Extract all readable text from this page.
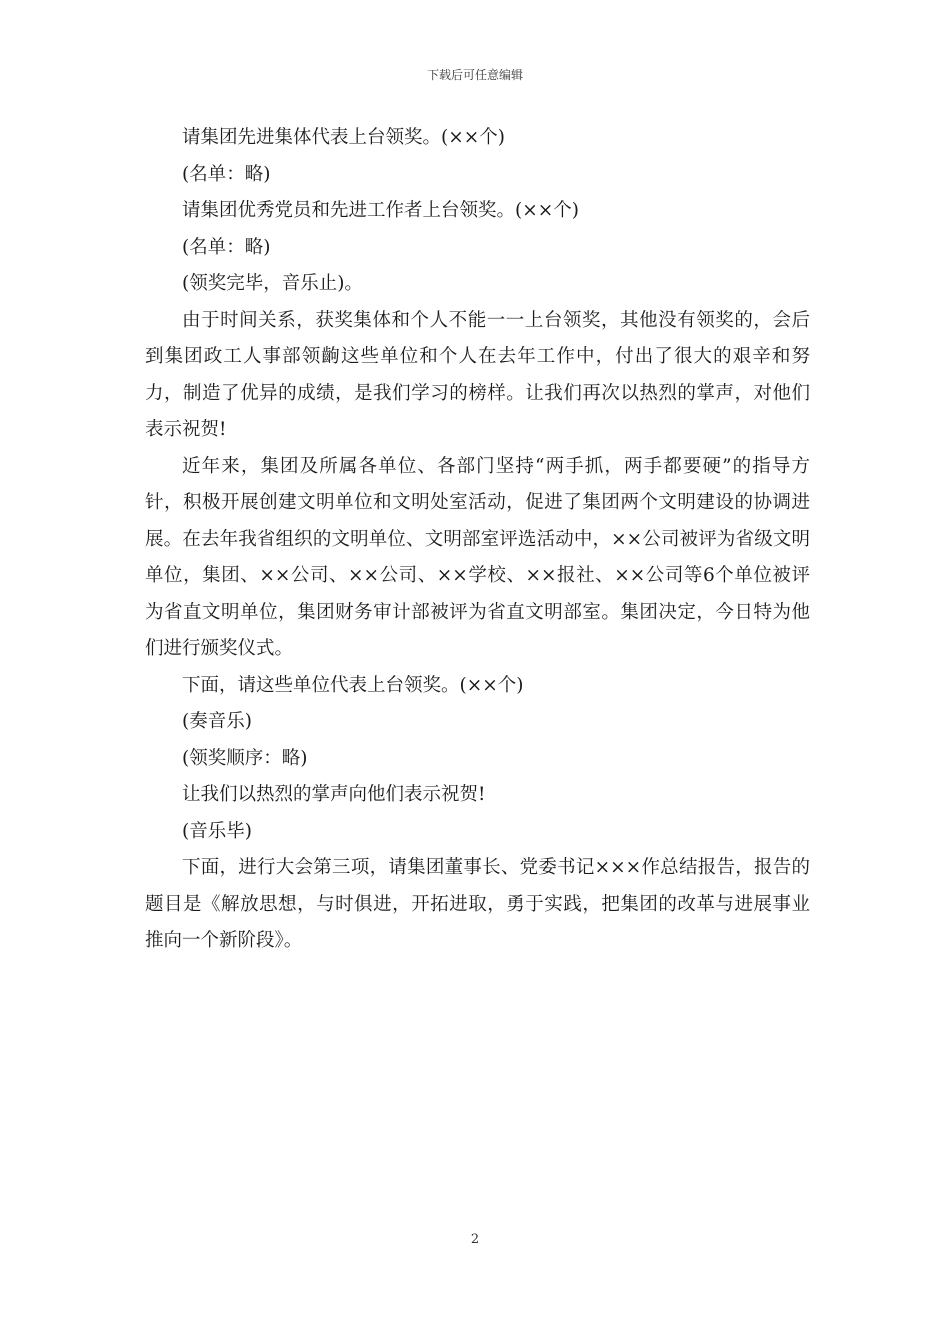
下载后可任意编辑

请集团先进集体代表上台领奖。(××个)

(名单：略)

请集团优秀党员和先进工作者上台领奖。(××个)

(名单：略)

(领奖完毕，音乐止)。

由于时间关系，获奖集体和个人不能一一上台领奖，其他没有领奖的，会后到集团政工人事部领齣这些单位和个人在去年工作中，付出了很大的艰辛和努力，制造了优异的成绩，是我们学习的榜样。让我们再次以热烈的掌声，对他们表示祝贺!

近年来，集团及所属各单位、各部门坚持“两手抓，两手都要硬”的指导方针，积极开展创建文明单位和文明处室活动，促进了集团两个文明建设的协调进展。在去年我省组织的文明单位、文明部室评选活动中，××公司被评为省级文明单位，集团、××公司、××公司、××学校、××报社、××公司等6个单位被评为省直文明单位，集团财务审计部被评为省直文明部室。集团决定，今日特为他们进行颁奖仪式。

下面，请这些单位代表上台领奖。(××个)

(奏音乐)

(领奖顺序：略)

让我们以热烈的掌声向他们表示祝贺!

(音乐毕)

下面，进行大会第三项，请集团董事长、党委书记×××作总结报告，报告的题目是《解放思想，与时俱进，开拓进取，勇于实践，把集团的改革与进展事业推向一个新阶段》。

2
